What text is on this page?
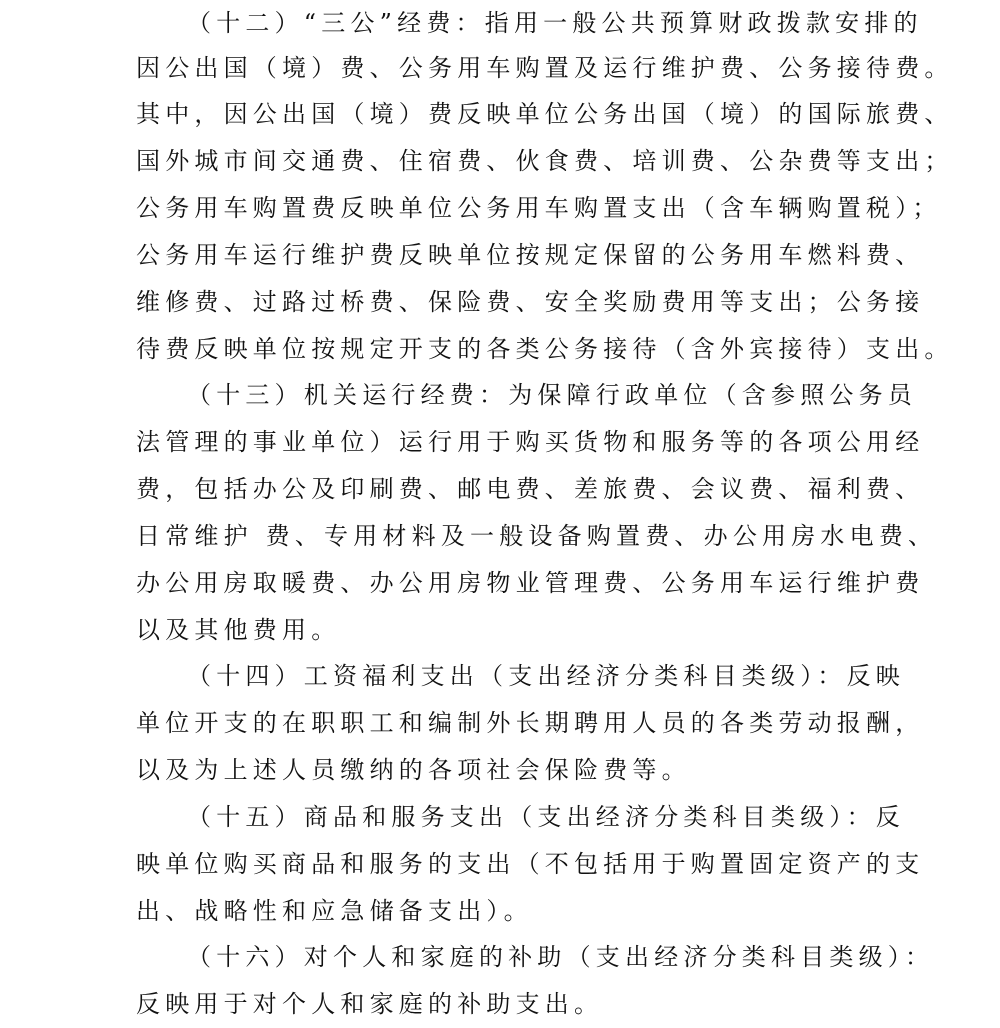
（十二）“三公”经费：指用一般公共预算财政拨款安排的
因公出国（境）费、公务用车购置及运行维护费、公务接待费。
其中，因公出国（境）费反映单位公务出国（境）的国际旅费、
国外城市间交通费、住宿费、伙食费、培训费、公杂费等支出；
公务用车购置费反映单位公务用车购置支出（含车辆购置税）；
公务用车运行维护费反映单位按规定保留的公务用车燃料费、
维修费、过路过桥费、保险费、安全奖励费用等支出；公务接
待费反映单位按规定开支的各类公务接待（含外宾接待）支出。
（十三）机关运行经费：为保障行政单位（含参照公务员
法管理的事业单位）运行用于购买货物和服务等的各项公用经
费，包括办公及印刷费、邮电费、差旅费、会议费、福利费、
日常维护 费、专用材料及一般设备购置费、办公用房水电费、
办公用房取暖费、办公用房物业管理费、公务用车运行维护费
以及其他费用。
（十四）工资福利支出（支出经济分类科目类级）：反映
单位开支的在职职工和编制外长期聘用人员的各类劳动报酬，
以及为上述人员缴纳的各项社会保险费等。
（十五）商品和服务支出（支出经济分类科目类级）：反
映单位购买商品和服务的支出（不包括用于购置固定资产的支
出、战略性和应急储备支出）。
（十六）对个人和家庭的补助（支出经济分类科目类级）：
反映用于对个人和家庭的补助支出。
